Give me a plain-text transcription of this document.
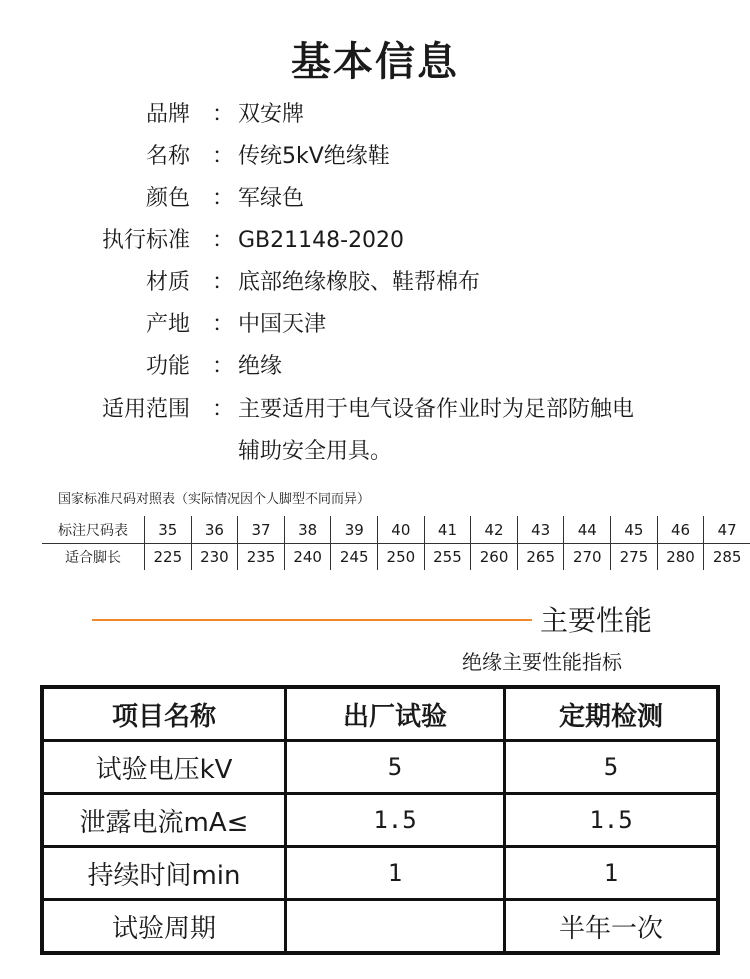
基本信息
品牌 ： 双安牌
名称 ： 传统5kV绝缘鞋
颜色 ： 军绿色
执行标准 ： GB21148-2020
材质 ： 底部绝缘橡胶、鞋帮棉布
产地 ： 中国天津
功能 ： 绝缘
适用范围 ： 主要适用于电气设备作业时为足部防触电
辅助安全用具。
国家标准尺码对照表（实际情况因个人脚型不同而异）
标注尺码表	35	36	37	38	39	40	41	42	43	44	45	46	47
适合脚长	225	230	235	240	245	250	255	260	265	270	275	280	285
主要性能
绝缘主要性能指标
项目名称	出厂试验	定期检测
试验电压kV	5	5
泄露电流mA≤	1.5	1.5
持续时间min	1	1
试验周期		半年一次
